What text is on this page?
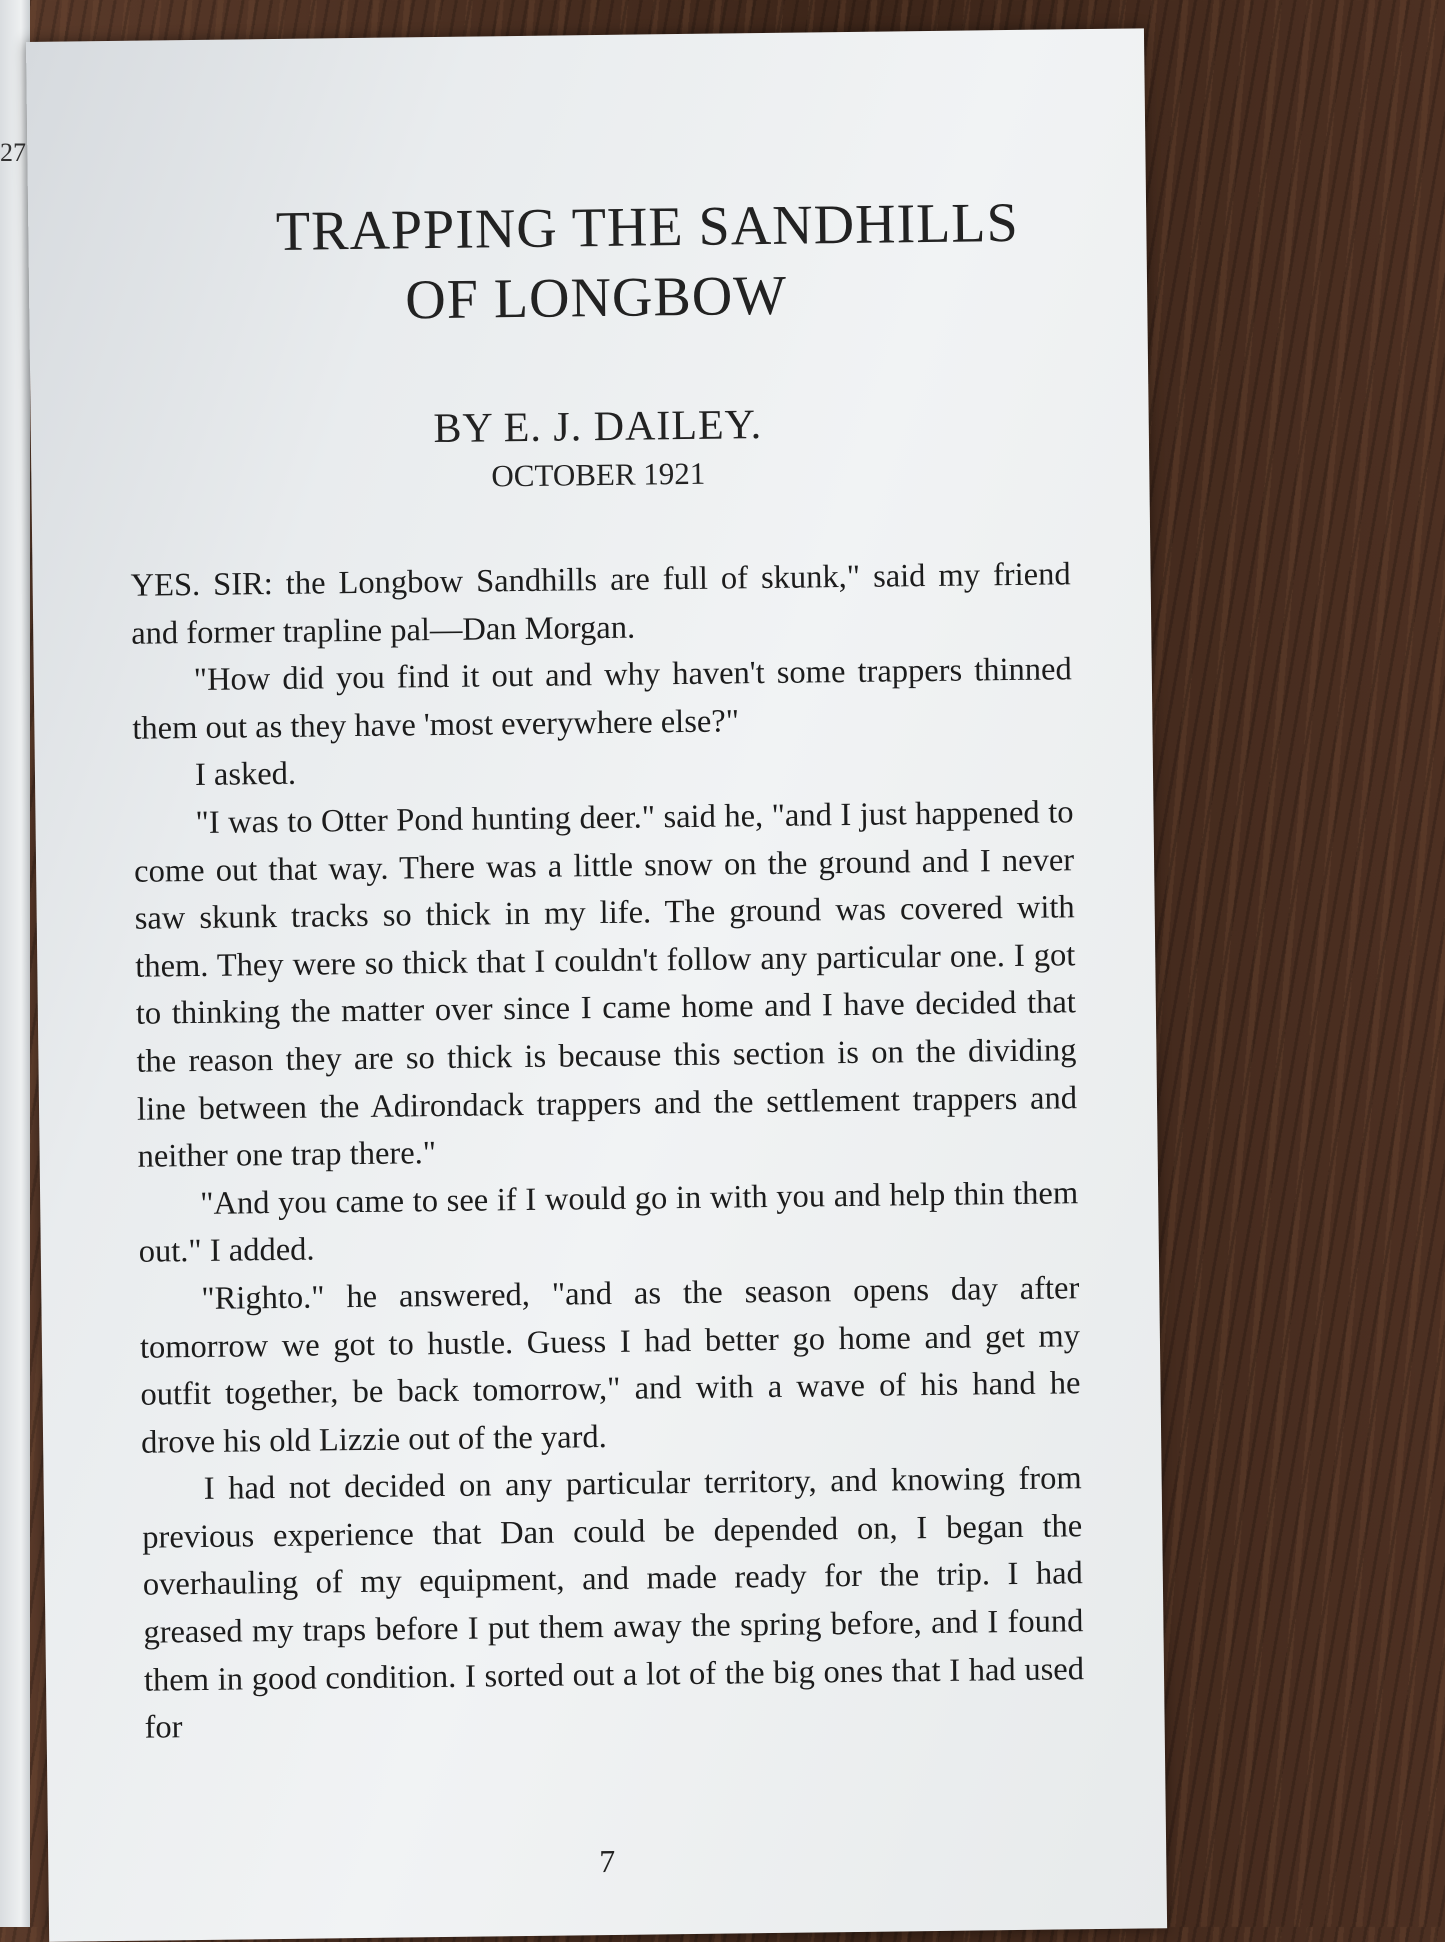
27
TRAPPING THE SANDHILLS
OF LONGBOW
BY E. J. DAILEY.
OCTOBER 1921
YES. SIR: the Longbow Sandhills are full of skunk," said my friend and former trapline pal—Dan Morgan.
"How did you find it out and why haven't some trappers thinned them out as they have 'most everywhere else?"
I asked.
"I was to Otter Pond hunting deer." said he, "and I just happened to come out that way. There was a little snow on the ground and I never saw skunk tracks so thick in my life. The ground was covered with them. They were so thick that I couldn't follow any particular one. I got to thinking the matter over since I came home and I have decided that the reason they are so thick is because this section is on the dividing line between the Adirondack trappers and the settlement trappers and neither one trap there."
"And you came to see if I would go in with you and help thin them out." I added.
"Righto." he answered, "and as the season opens day after tomorrow we got to hustle. Guess I had better go home and get my outfit together, be back tomorrow," and with a wave of his hand he drove his old Lizzie out of the yard.
I had not decided on any particular territory, and knowing from previous experience that Dan could be depended on, I began the overhauling of my equipment, and made ready for the trip. I had greased my traps before I put them away the spring before, and I found them in good condition. I sorted out a lot of the big ones that I had used for
7
